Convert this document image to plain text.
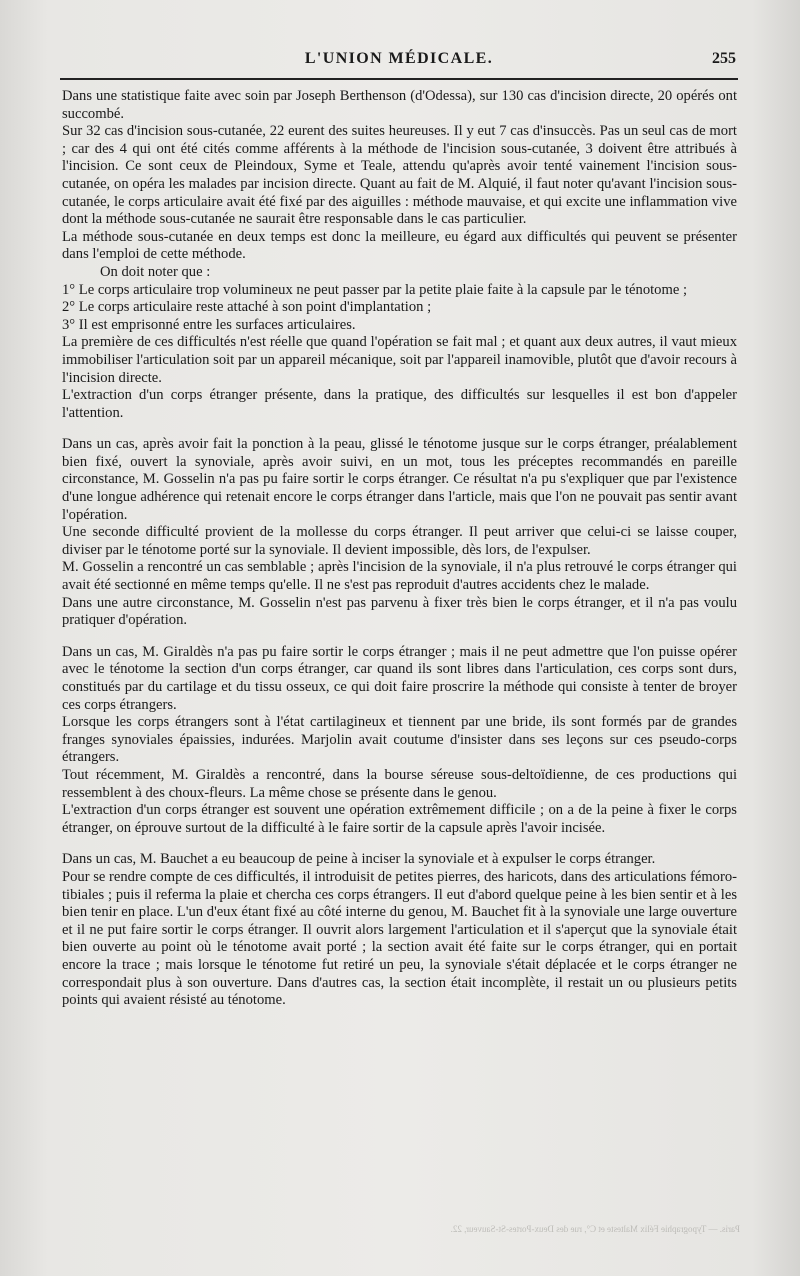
L'UNION MÉDICALE.	255

Dans une statistique faite avec soin par Joseph Berthenson (d'Odessa), sur 130 cas d'incision directe, 20 opérés ont succombé.

Sur 32 cas d'incision sous-cutanée, 22 eurent des suites heureuses. Il y eut 7 cas d'insuccès. Pas un seul cas de mort ; car des 4 qui ont été cités comme afférents à la méthode de l'incision sous-cutanée, 3 doivent être attribués à l'incision. Ce sont ceux de Pleindoux, Syme et Teale, attendu qu'après avoir tenté vainement l'incision sous-cutanée, on opéra les malades par incision directe. Quant au fait de M. Alquié, il faut noter qu'avant l'incision sous-cutanée, le corps articulaire avait été fixé par des aiguilles : méthode mauvaise, et qui excite une inflammation vive dont la méthode sous-cutanée ne saurait être responsable dans le cas particulier.

La méthode sous-cutanée en deux temps est donc la meilleure, eu égard aux difficultés qui peuvent se présenter dans l'emploi de cette méthode.

On doit noter que :

1° Le corps articulaire trop volumineux ne peut passer par la petite plaie faite à la capsule par le ténotome ;

2° Le corps articulaire reste attaché à son point d'implantation ;

3° Il est emprisonné entre les surfaces articulaires.

La première de ces difficultés n'est réelle que quand l'opération se fait mal ; et quant aux deux autres, il vaut mieux immobiliser l'articulation soit par un appareil mécanique, soit par l'appareil inamovible, plutôt que d'avoir recours à l'incision directe.

L'extraction d'un corps étranger présente, dans la pratique, des difficultés sur lesquelles il est bon d'appeler l'attention.

Dans un cas, après avoir fait la ponction à la peau, glissé le ténotome jusque sur le corps étranger, préalablement bien fixé, ouvert la synoviale, après avoir suivi, en un mot, tous les préceptes recommandés en pareille circonstance, M. Gosselin n'a pas pu faire sortir le corps étranger. Ce résultat n'a pu s'expliquer que par l'existence d'une longue adhérence qui retenait encore le corps étranger dans l'article, mais que l'on ne pouvait pas sentir avant l'opération.

Une seconde difficulté provient de la mollesse du corps étranger. Il peut arriver que celui-ci se laisse couper, diviser par le ténotome porté sur la synoviale. Il devient impossible, dès lors, de l'expulser.

M. Gosselin a rencontré un cas semblable ; après l'incision de la synoviale, il n'a plus retrouvé le corps étranger qui avait été sectionné en même temps qu'elle. Il ne s'est pas reproduit d'autres accidents chez le malade.

Dans une autre circonstance, M. Gosselin n'est pas parvenu à fixer très bien le corps étranger, et il n'a pas voulu pratiquer d'opération.

Dans un cas, M. Giraldès n'a pas pu faire sortir le corps étranger ; mais il ne peut admettre que l'on puisse opérer avec le ténotome la section d'un corps étranger, car quand ils sont libres dans l'articulation, ces corps sont durs, constitués par du cartilage et du tissu osseux, ce qui doit faire proscrire la méthode qui consiste à tenter de broyer ces corps étrangers.

Lorsque les corps étrangers sont à l'état cartilagineux et tiennent par une bride, ils sont formés par de grandes franges synoviales épaissies, indurées. Marjolin avait coutume d'insister dans ses leçons sur ces pseudo-corps étrangers.

Tout récemment, M. Giraldès a rencontré, dans la bourse séreuse sous-deltoïdienne, de ces productions qui ressemblent à des choux-fleurs. La même chose se présente dans le genou.

L'extraction d'un corps étranger est souvent une opération extrêmement difficile ; on a de la peine à fixer le corps étranger, on éprouve surtout de la difficulté à le faire sortir de la capsule après l'avoir incisée.

Dans un cas, M. Bauchet a eu beaucoup de peine à inciser la synoviale et à expulser le corps étranger.

Pour se rendre compte de ces difficultés, il introduisit de petites pierres, des haricots, dans des articulations fémoro-tibiales ; puis il referma la plaie et chercha ces corps étrangers. Il eut d'abord quelque peine à les bien sentir et à les bien tenir en place. L'un d'eux étant fixé au côté interne du genou, M. Bauchet fit à la synoviale une large ouverture et il ne put faire sortir le corps étranger. Il ouvrit alors largement l'articulation et il s'aperçut que la synoviale était bien ouverte au point où le ténotome avait porté ; la section avait été faite sur le corps étranger, qui en portait encore la trace ; mais lorsque le ténotome fut retiré un peu, la synoviale s'était déplacée et le corps étranger ne correspondait plus à son ouverture. Dans d'autres cas, la section était incomplète, il restait un ou plusieurs petits points qui avaient résisté au ténotome.

Paris. — Typographie Félix Malteste et C°, rue des Deux-Portes-St-Sauveur, 22.
